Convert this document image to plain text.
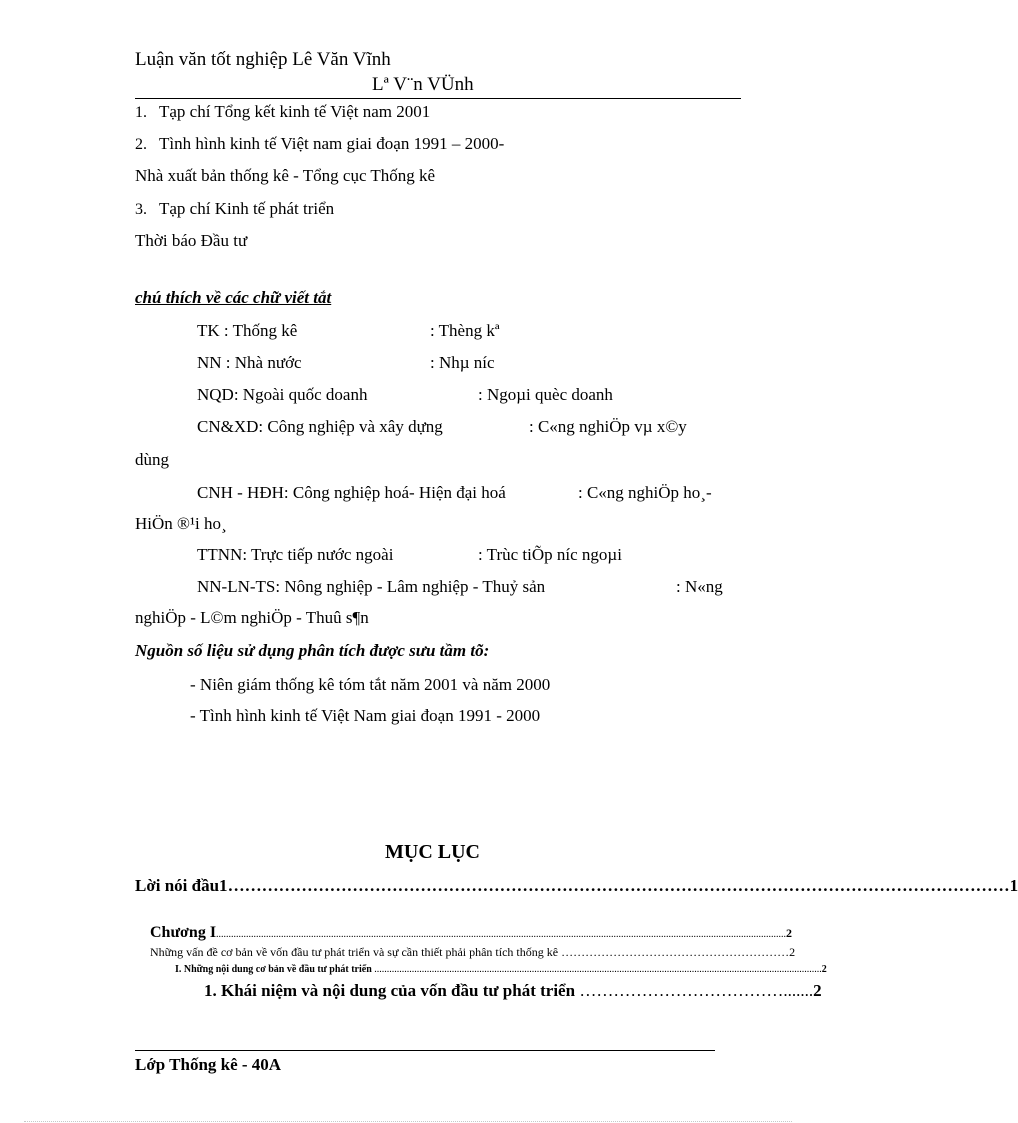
Luận văn tốt nghiệp Lê Văn Vĩnh
Lª V¨n VÜnh
1. Tạp chí Tổng kết kinh tế Việt nam 2001
2. Tình hình kinh tế Việt nam giai đoạn 1991 – 2000-
Nhà xuất bản thống kê - Tổng cục Thống kê
3. Tạp chí Kinh tế phát triển
Thời báo Đầu tư
chú thích về các chữ viết tắt
TK : Thống kê	: Thèng kª
NN : Nhà nước	: Nhµ níc
NQD: Ngoài quốc doanh	: Ngoµi quèc doanh
CN&XD: Công nghiệp và xây dựng	: C«ng nghiÖp vµ x©y
dùng
CNH - HĐH: Công nghiệp hoá- Hiện đại hoá	: C«ng nghiÖp ho¸-
HiÖn ®¹i ho¸
TTNN: Trực tiếp nước ngoài	: Trùc tiÕp níc ngoµi
NN-LN-TS: Nông nghiệp - Lâm nghiệp - Thuỷ sản	: N«ng
nghiÖp - L©m nghiÖp - Thuû s¶n
Nguồn số liệu sử dụng phân tích được sưu tầm tõ:
- Niên giám thống kê tóm tắt năm 2001 và năm 2000
- Tình hình kinh tế Việt Nam giai đoạn 1991 - 2000
MỤC LỤC
Lời nói đầu1 ………………………………………………………………………………………………………………………… 1
Chương I .................................................................................................................................................................................................................................... 2
Những vấn đề cơ bản về vốn đầu tư phát triển và sự cần thiết phải phân tích thống kê ………………………………………………… 2
I. Những nội dung cơ bản về đầu tư phát triển ................................................................................................................................................................................... 2
1. Khái niệm và nội dung của vốn đầu tư phát triển ………………………………....... 2
Lớp Thống kê - 40A
